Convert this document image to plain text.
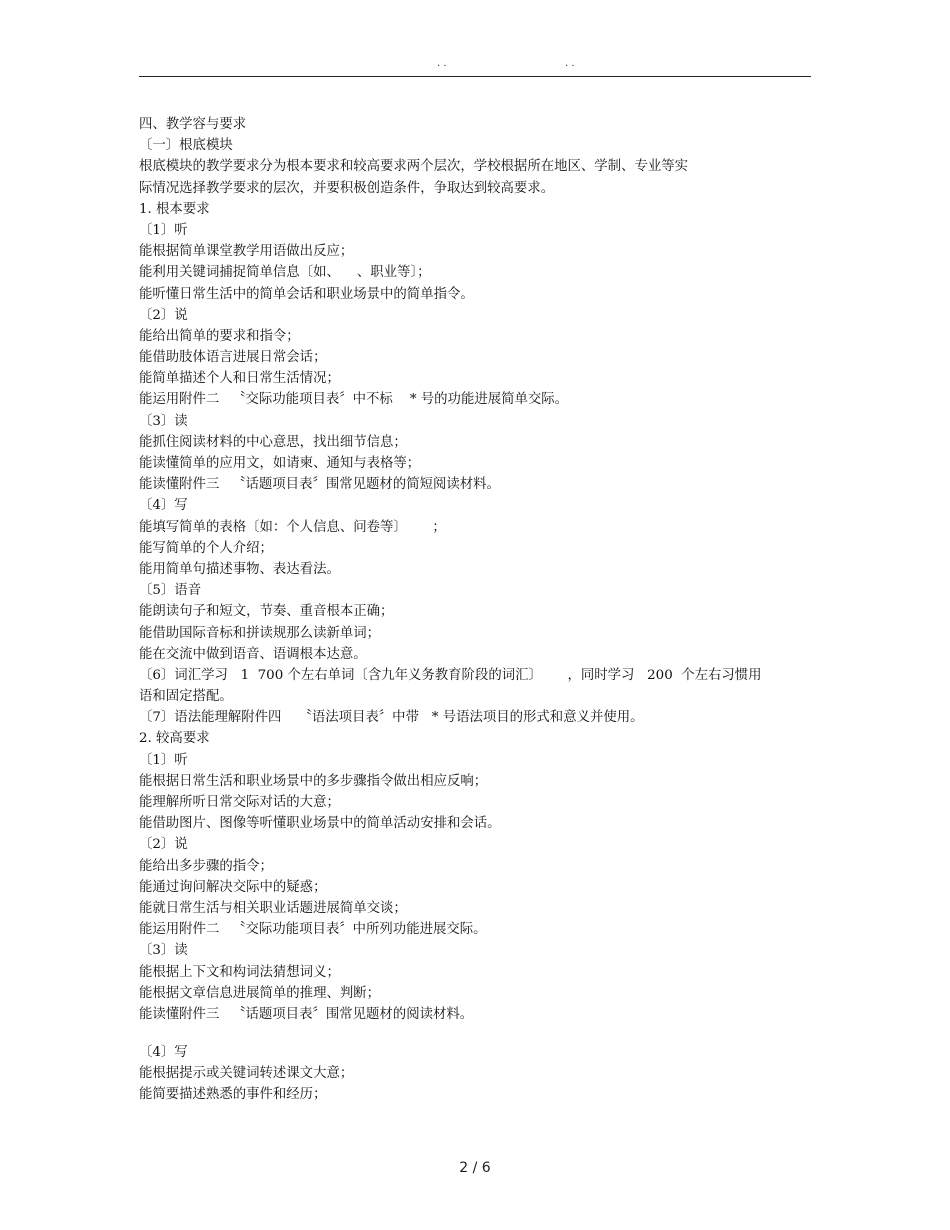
. .	. .
四、教学容与要求
〔一〕根底模块
根底模块的教学要求分为根本要求和较高要求两个层次，学校根据所在地区、学制、专业等实
际情况选择教学要求的层次，并要积极创造条件，争取达到较高要求。
1. 根本要求
〔1〕听
能根据简单课堂教学用语做出反应；
能利用关键词捕捉简单信息〔如、    、职业等〕；
能听懂日常生活中的简单会话和职业场景中的简单指令。
〔2〕说
能给出简单的要求和指令；
能借助肢体语言进展日常会话；
能简单描述个人和日常生活情况；
能运用附件二   〝交际功能项目表〞中不标    * 号的功能进展简单交际。
〔3〕读
能抓住阅读材料的中心意思，找出细节信息；
能读懂简单的应用文，如请柬、通知与表格等；
能读懂附件三   〝话题项目表〞围常见题材的简短阅读材料。
〔4〕写
能填写简单的表格〔如：个人信息、问卷等〕      ；
能写简单的个人介绍；
能用简单句描述事物、表达看法。
〔5〕语音
能朗读句子和短文，节奏、重音根本正确；
能借助国际音标和拼读规那么读新单词；
能在交流中做到语音、语调根本达意。
〔6〕词汇学习   1  700 个左右单词〔含九年义务教育阶段的词汇〕      ，同时学习   200  个左右习惯用
语和固定搭配。
〔7〕语法能理解附件四    〝语法项目表〞中带   * 号语法项目的形式和意义并使用。
2. 较高要求
〔1〕听
能根据日常生活和职业场景中的多步骤指令做出相应反响；
能理解所听日常交际对话的大意；
能借助图片、图像等听懂职业场景中的简单活动安排和会话。
〔2〕说
能给出多步骤的指令；
能通过询问解决交际中的疑惑；
能就日常生活与相关职业话题进展简单交谈；
能运用附件二   〝交际功能项目表〞中所列功能进展交际。
〔3〕读
能根据上下文和构词法猜想词义；
能根据文章信息进展简单的推理、判断；
能读懂附件三   〝话题项目表〞围常见题材的阅读材料。
〔4〕写
能根据提示或关键词转述课文大意；
能简要描述熟悉的事件和经历；
2 / 6
